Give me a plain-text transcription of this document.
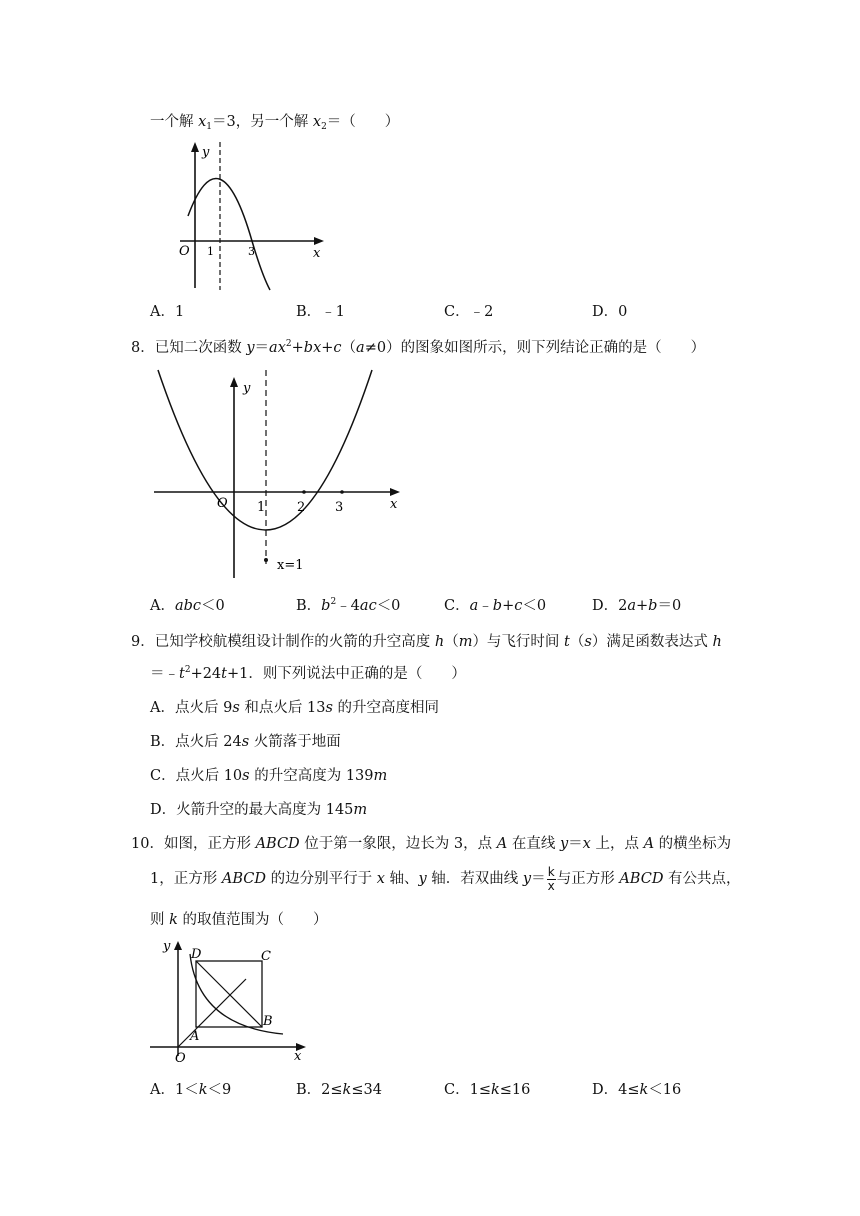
一个解 $x_1=3$，另一个解 $x_2=$（　　）
y
O 1	3	x
A．1	B．﹣1	C．﹣2	D．0
8．已知二次函数 $y=ax^2+bx+c(a\ne 0)$的图象如图所示，则下列结论正确的是（　　）
y
O 1 2 3	x
x=1
A．abc＜0	B．$b^2﹣4ac<0$	C．a﹣b+c＜0	D．2a+b＝0
9．已知学校航模组设计制作的火箭的升空高度 h（m）与飞行时间 t（s）满足函数表达式 h
$=﹣t^2+24t+1$．则下列说法中正确的是（　　）
A．点火后 9s 和点火后 13s 的升空高度相同
B．点火后 24s 火箭落于地面
C．点火后 10s 的升空高度为 139m
D．火箭升空的最大高度为 145m
10．如图，正方形 ABCD 位于第一象限，边长为 3，点 A 在直线 y＝x 上，点 A 的横坐标为
1，正方形 ABCD 的边分别平行于 x 轴、y 轴．若双曲线 $y= \frac{k}{x}$ 与正方形 ABCD 有公共点，
则 k 的取值范围为（　　）
y
D	C
B
A
O	x
A．1＜k＜9	B．2≤k≤34	C．1≤k≤16	D．4≤k＜16
